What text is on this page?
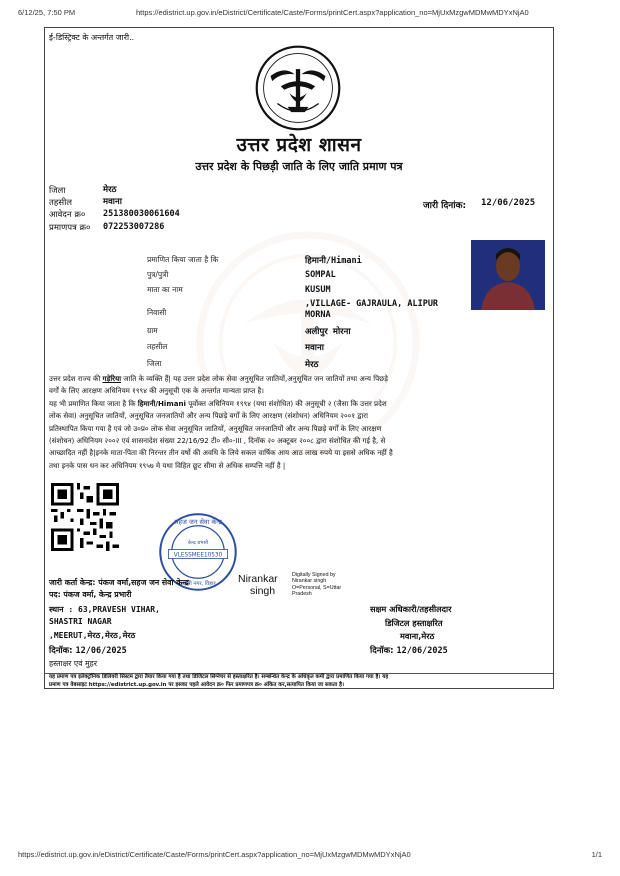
6/12/25, 7:50 PM	https://edistrict.up.gov.in/eDistrict/Certificate/Caste/Forms/printCert.aspx?application_no=MjUxMzgwMDMwMDYxNjA0
ई-डिस्ट्रिक्ट के अन्तर्गत जारी..
उत्तर प्रदेश शासन
उत्तर प्रदेश के पिछड़ी जाति के लिए जाति प्रमाण पत्र
जिला	मेरठ
तहसील	मवाना
आवेदन क्र० 251380030061604
प्रमाणपत्र क्र० 072253007286
जारी दिनांक: 12/06/2025
प्रमाणित किया जाता है कि	हिमानी/Himani
पुत्र/पुत्री	SOMPAL
माता का नाम	KUSUM
निवासी
,VILLAGE- GAJRAULA, ALIPUR
MORNA
ग्राम	अलीपुर मोरना
तहसील	मवाना
जिला	मेरठ
उत्तर प्रदेश राज्य की गड़ेरिया जाति के व्यक्ति हैं| यह उत्तर प्रदेश लोक सेवा अनुसूचित जातियों,अनुसूचित जन जातियों तथा अन्य पिछड़े
वर्गों के लिए आरक्षण अधिनियम १९९४ की अनुसूची एक के अन्तर्गत मान्यता प्राप्त है।
यह भी प्रमाणित किया जाता है कि हिमानी/Himani पूर्वोक्त अधिनियम १९९४ (यथा संशोधित) की अनुसूची २ (जैसा कि उत्तर प्रदेश
लोक सेवा) अनुसूचित जातियों, अनुसूचित जनजातियों और अन्य पिछड़े वर्गों के लिए आरक्षण (संशोधन) अधिनियम २००१ द्वारा
प्रतिस्थापित किया गया है एवं जो उ०प्र० लोक सेवा अनुसूचित जातियों, अनुसूचित जनजातियों और अन्य पिछड़े वर्गों के लिए आरक्षण
(संशोधन) अधिनियम २००२ एवं शासनादेश संख्या 22/16/92 टी० सी०-III , दिनॉक २० अक्टूबर २००८ द्वारा संशोधित की गई है, से
आच्छादित नहीं है|इनके माता-पिता की निरन्तर तीन वर्षो की अवधि के लिये सकल वार्षिक आय आठ लाख रुपये या इससे अधिक नहीं है
तथा इनके पास धन कर अधिनियम १९५७ मे यथा विहित छूट सीमा से अधिक सम्पत्ति नहीं है |
सहज जन सेवा केन्द्र
केन्द्र प्रभारी
VLESSMEE10530
शास्त्री नगर, विहार Nirankar
singh
Digitally Signed by
Nirankar singh
O=Personal, S=Uttar
Pradesh
जारी कर्ता केन्द्र: पंकज वर्मा,सहज जन सेवा केन्द्र
पद: पंकज वर्मा, केन्द्र प्रभारी
स्थान : 63,PRAVESH VIHAR,
SHASTRI NAGAR
,MEERUT,मेरठ,मेरठ,मेरठ
दिनॉक: 12/06/2025
हस्ताक्षर एवं मुहर
सक्षम अधिकारी/तहसीलदार
डिजिटल हस्ताक्षरित
मवाना,मेरठ
दिनॉक: 12/06/2025
यह प्रमाण पत्र इलेक्ट्रॉनिक डिलिवरी सिस्टम द्वारा तैयार किया गया है तथा डिजिटल सिग्नेचर से हस्ताक्षरित है। सम्बन्धित केन्द्र के अधिकृत कर्मी द्वारा प्रमाणित किया गया है। यह
प्रमाण पत्र वेबसाइट https://edistrict.up.gov.in पर इसका पहले आवेदन क्र० फिर प्रमाणपत्र क्र० अंकित कर,सत्यापित किया जा सकता है।
https://edistrict.up.gov.in/eDistrict/Certificate/Caste/Forms/printCert.aspx?application_no=MjUxMzgwMDMwMDYxNjA0	1/1
